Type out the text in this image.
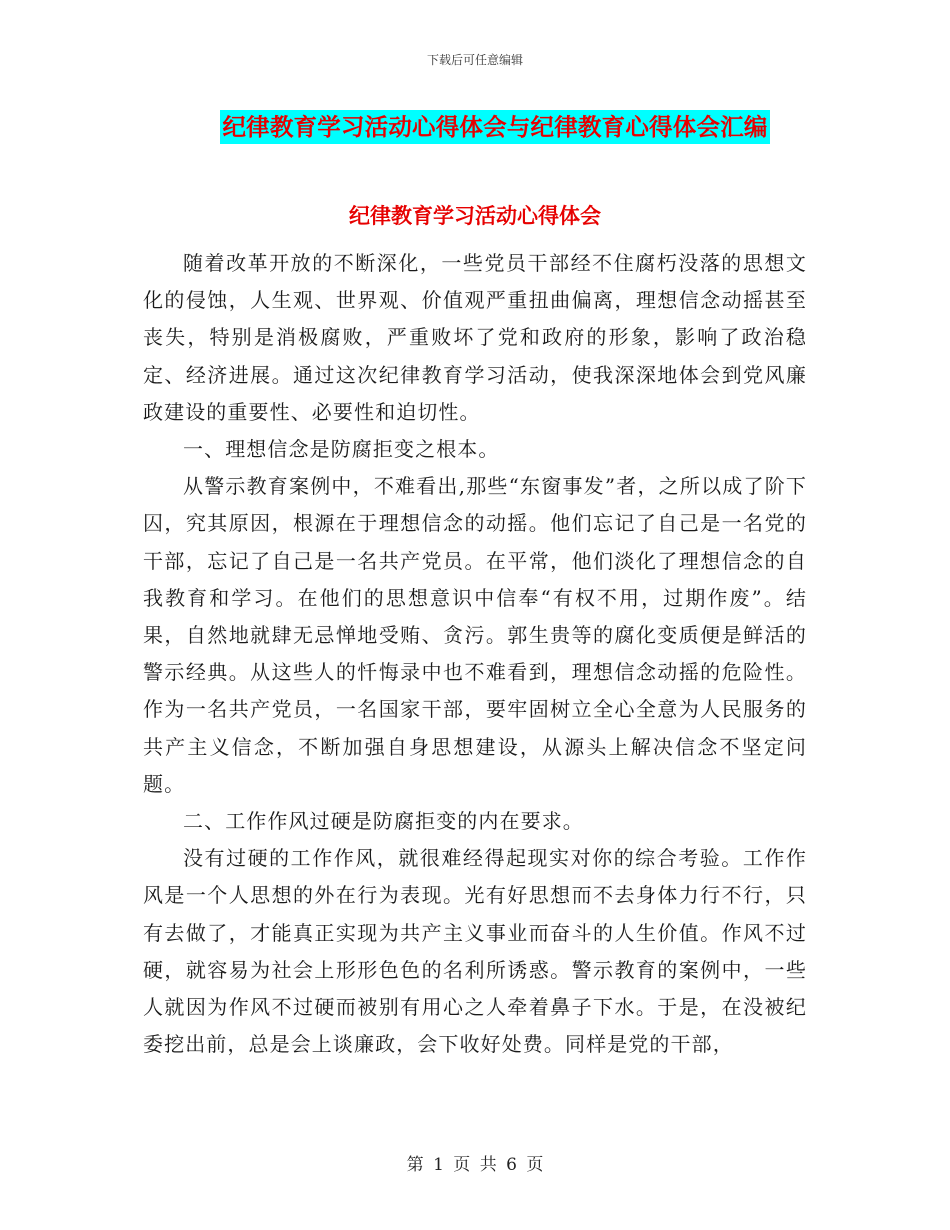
下载后可任意编辑
纪律教育学习活动心得体会与纪律教育心得体会汇编
纪律教育学习活动心得体会

随着改革开放的不断深化，一些党员干部经不住腐朽没落的思想文化的侵蚀，人生观、世界观、价值观严重扭曲偏离，理想信念动摇甚至丧失，特别是消极腐败，严重败坏了党和政府的形象，影响了政治稳定、经济进展。通过这次纪律教育学习活动，使我深深地体会到党风廉政建设的重要性、必要性和迫切性。

一、理想信念是防腐拒变之根本。

从警示教育案例中，不难看出,那些“东窗事发”者，之所以成了阶下囚，究其原因，根源在于理想信念的动摇。他们忘记了自己是一名党的干部，忘记了自己是一名共产党员。在平常，他们淡化了理想信念的自我教育和学习。在他们的思想意识中信奉“有权不用，过期作废”。结果，自然地就肆无忌惮地受贿、贪污。郭生贵等的腐化变质便是鲜活的警示经典。从这些人的忏悔录中也不难看到，理想信念动摇的危险性。作为一名共产党员，一名国家干部，要牢固树立全心全意为人民服务的共产主义信念，不断加强自身思想建设，从源头上解决信念不坚定问题。

二、工作作风过硬是防腐拒变的内在要求。

没有过硬的工作作风，就很难经得起现实对你的综合考验。工作作风是一个人思想的外在行为表现。光有好思想而不去身体力行不行，只有去做了，才能真正实现为共产主义事业而奋斗的人生价值。作风不过硬，就容易为社会上形形色色的名利所诱惑。警示教育的案例中，一些人就因为作风不过硬而被别有用心之人牵着鼻子下水。于是，在没被纪委挖出前，总是会上谈廉政，会下收好处费。同样是党的干部，

第 1 页 共 6 页
